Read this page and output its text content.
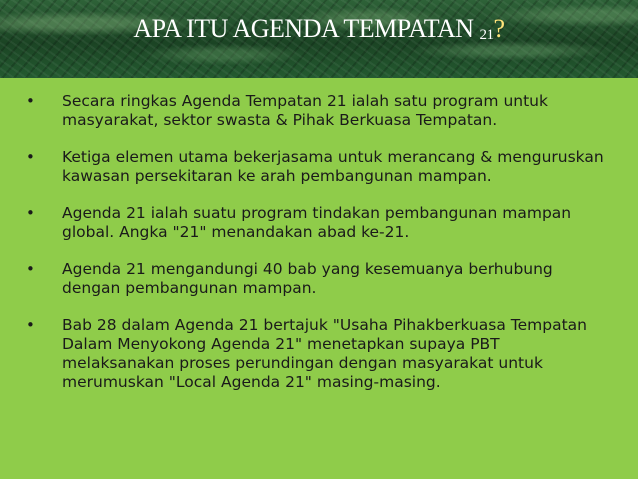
APA ITU AGENDA TEMPATAN 21?
•	Secara ringkas Agenda Tempatan 21 ialah satu program untuk masyarakat, sektor swasta & Pihak Berkuasa Tempatan.
•	Ketiga elemen utama bekerjasama untuk merancang & menguruskan kawasan persekitaran ke arah pembangunan mampan.
•	Agenda 21 ialah suatu program tindakan pembangunan mampan global. Angka "21" menandakan abad ke-21.
•	Agenda 21 mengandungi 40 bab yang kesemuanya berhubung dengan pembangunan mampan.
•	Bab 28 dalam Agenda 21 bertajuk "Usaha Pihakberkuasa Tempatan Dalam Menyokong Agenda 21" menetapkan supaya PBT melaksanakan proses perundingan dengan masyarakat untuk merumuskan "Local Agenda 21" masing-masing.
